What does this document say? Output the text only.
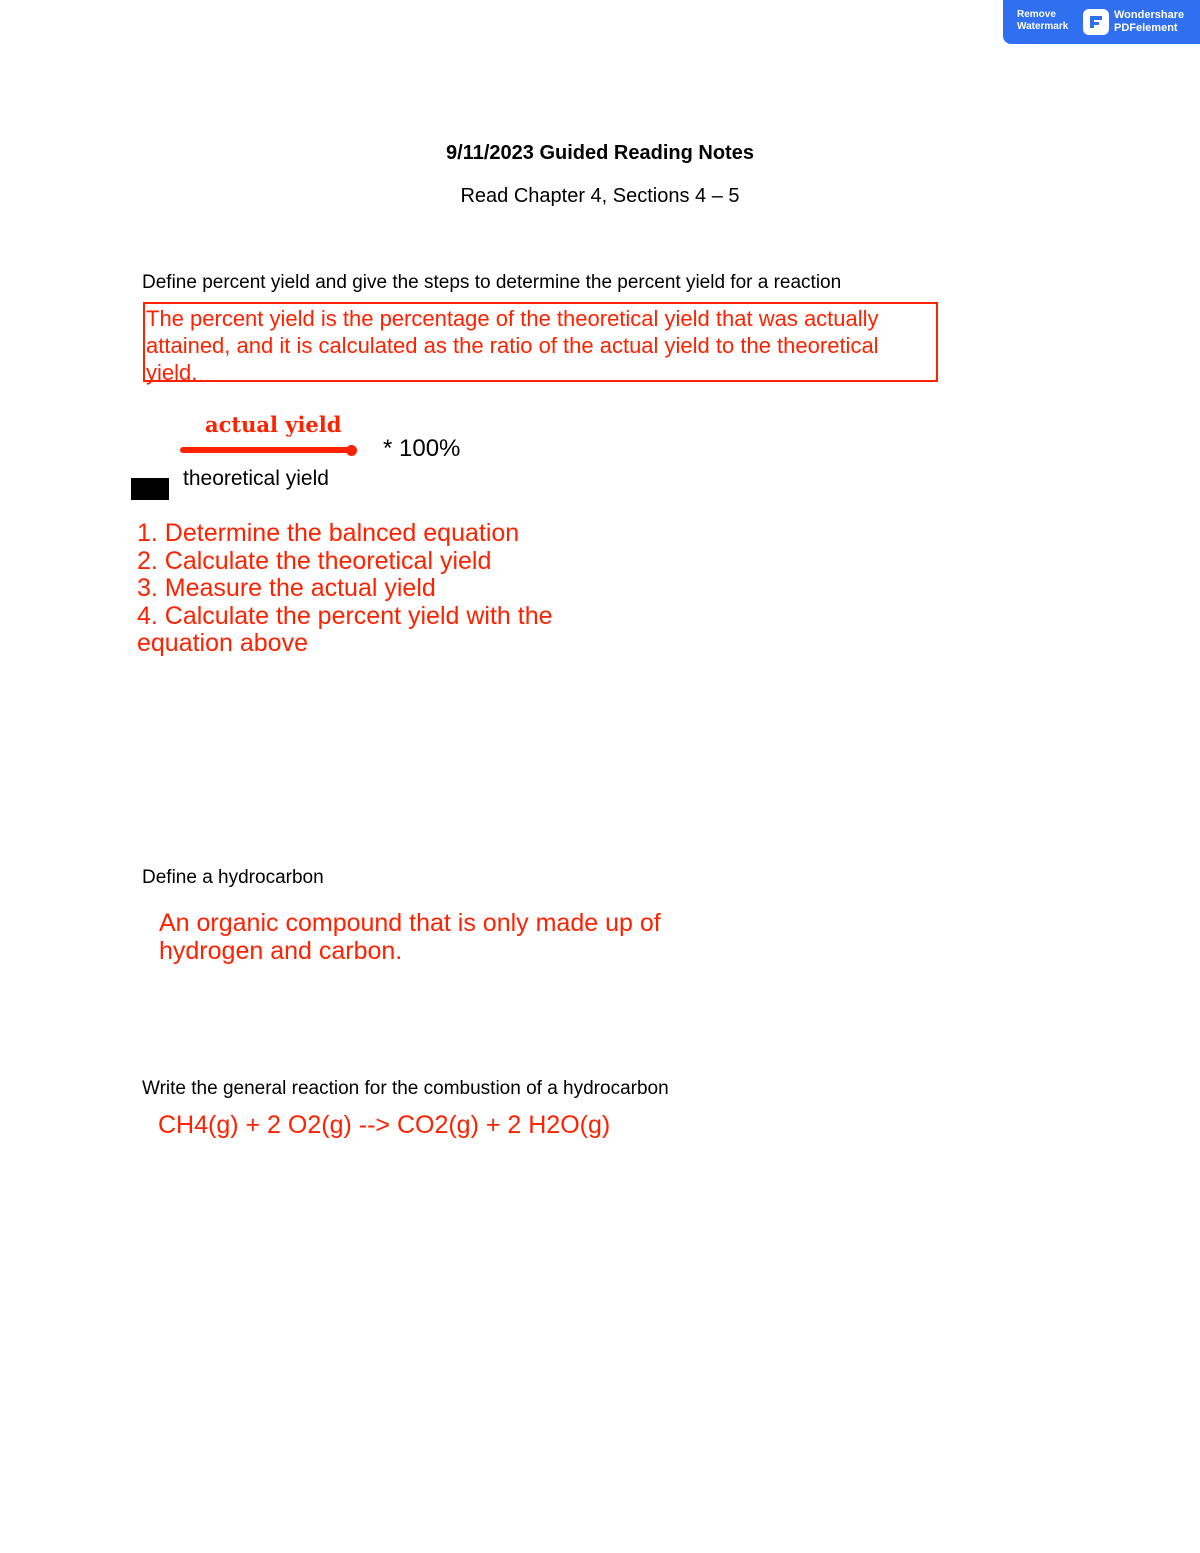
Remove
Watermark
Wondershare
PDFelement
9/11/2023 Guided Reading Notes
Read Chapter 4, Sections 4 – 5
Define percent yield and give the steps to determine the percent yield for a reaction
The percent yield is the percentage of the theoretical yield that was actually attained, and it is calculated as the ratio of the actual yield to the theoretical yield.
actual yield
* 100%
theoretical yield
1. Determine the balnced equation
2. Calculate the theoretical yield
3. Measure the actual yield
4. Calculate the percent yield with the
equation above
Define a hydrocarbon
An organic compound that is only made up of
hydrogen and carbon.
Write the general reaction for the combustion of a hydrocarbon
CH4(g) + 2 O2(g) --> CO2(g) + 2 H2O(g)
